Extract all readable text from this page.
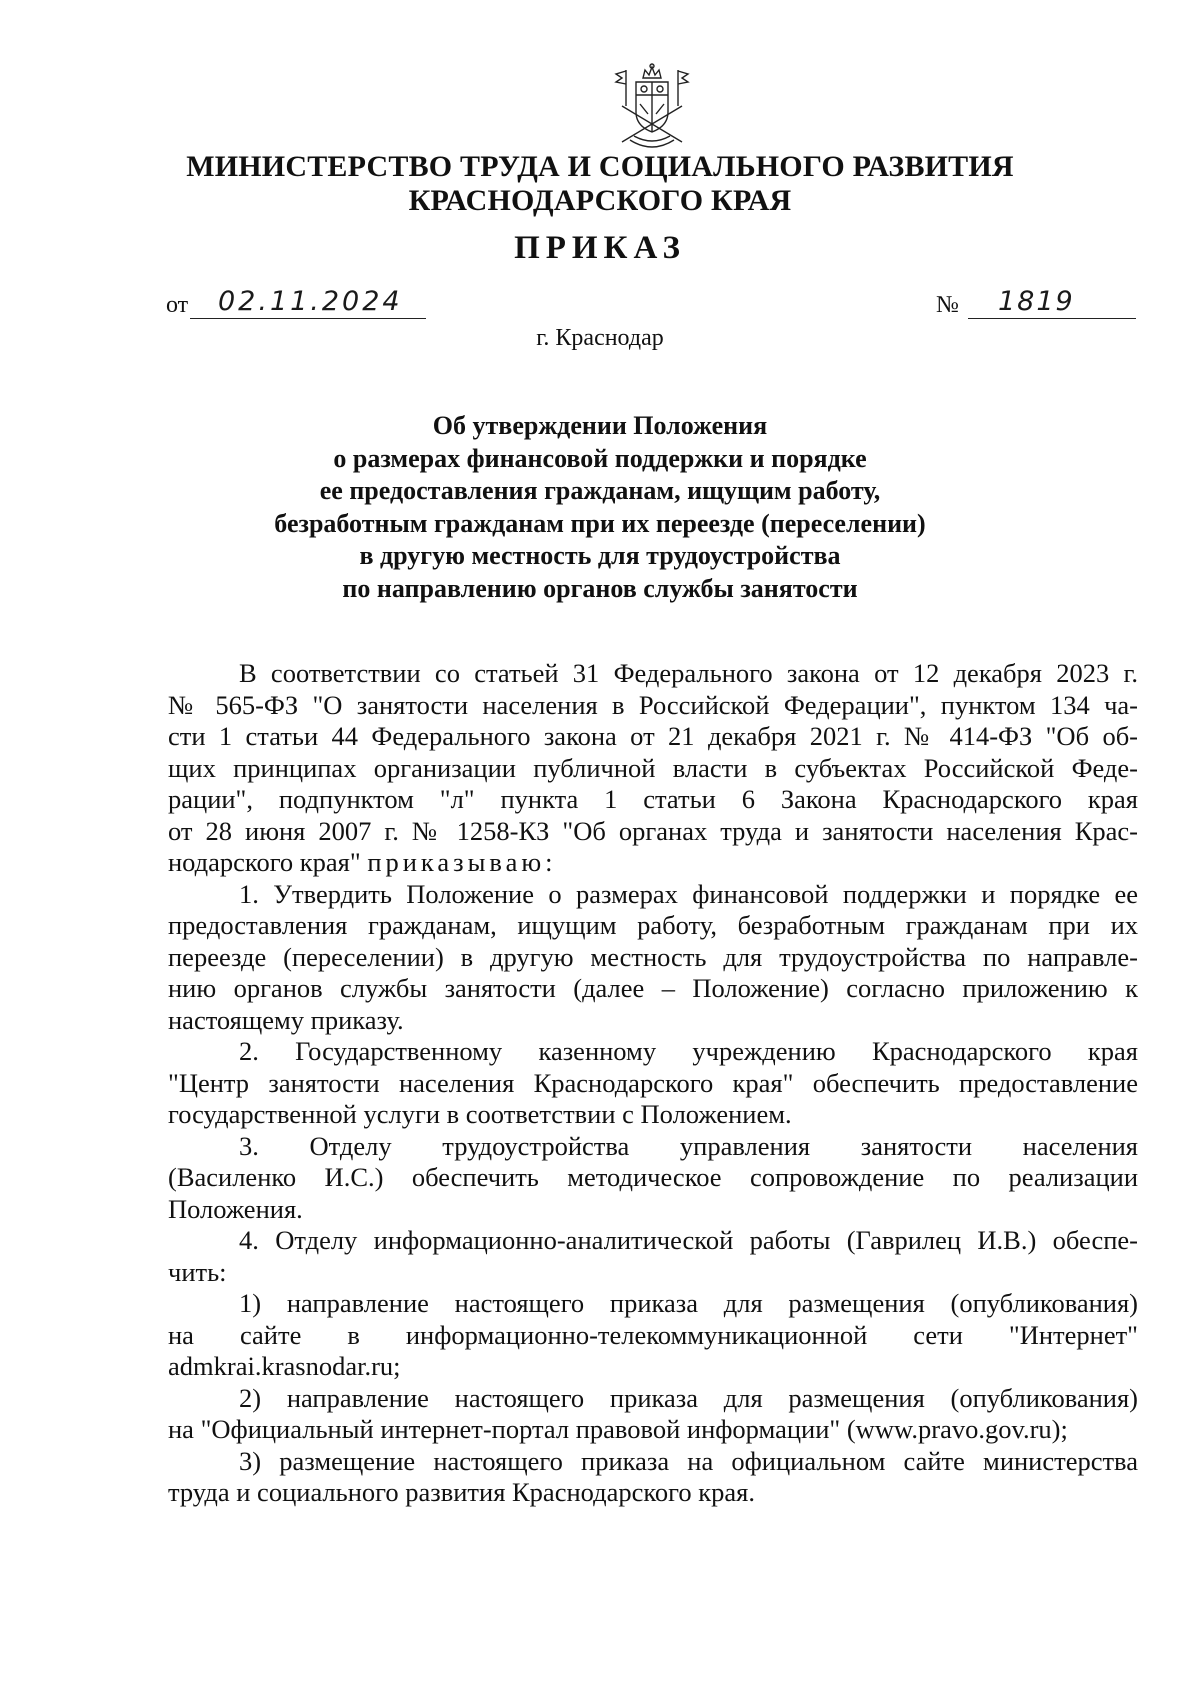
МИНИСТЕРСТВО ТРУДА И СОЦИАЛЬНОГО РАЗВИТИЯ
КРАСНОДАРСКОГО КРАЯ
ПРИКАЗ
от 02.11.2024	№ 1819
г. Краснодар
Об утверждении Положения
о размерах финансовой поддержки и порядке
ее предоставления гражданам, ищущим работу,
безработным гражданам при их переезде (переселении)
в другую местность для трудоустройства
по направлению органов службы занятости
В соответствии со статьей 31 Федерального закона от 12 декабря 2023 г.
№ 565-ФЗ "О занятости населения в Российской Федерации", пунктом 134 ча-
сти 1 статьи 44 Федерального закона от 21 декабря 2021 г. № 414-ФЗ "Об об-
щих принципах организации публичной власти в субъектах Российской Феде-
рации", подпунктом "л" пункта 1 статьи 6 Закона Краснодарского края
от 28 июня 2007 г. № 1258-КЗ "Об органах труда и занятости населения Крас-
нодарского края" приказываю:
1. Утвердить Положение о размерах финансовой поддержки и порядке ее
предоставления гражданам, ищущим работу, безработным гражданам при их
переезде (переселении) в другую местность для трудоустройства по направле-
нию органов службы занятости (далее – Положение) согласно приложению к
настоящему приказу.
2. Государственному казенному учреждению Краснодарского края
"Центр занятости населения Краснодарского края" обеспечить предоставление
государственной услуги в соответствии с Положением.
3. Отделу трудоустройства управления занятости населения
(Василенко И.С.) обеспечить методическое сопровождение по реализации
Положения.
4. Отделу информационно-аналитической работы (Гаврилец И.В.) обеспе-
чить:
1) направление настоящего приказа для размещения (опубликования)
на сайте в информационно-телекоммуникационной сети "Интернет"
admkrai.krasnodar.ru;
2) направление настоящего приказа для размещения (опубликования)
на "Официальный интернет-портал правовой информации" (www.pravo.gov.ru);
3) размещение настоящего приказа на официальном сайте министерства
труда и социального развития Краснодарского края.
